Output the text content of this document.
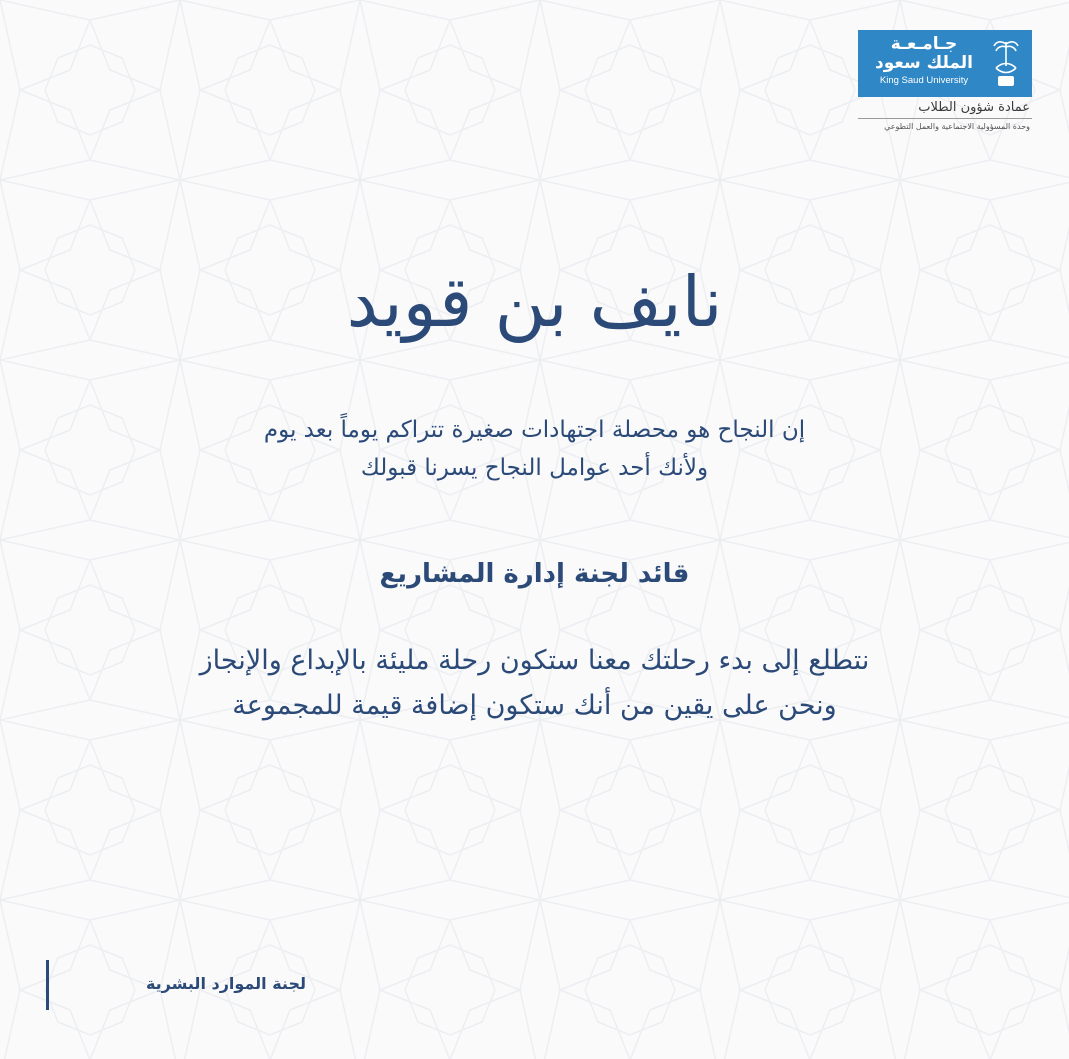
جـامـعـة
الملك سعود
King Saud University
عمادة شؤون الطلاب
وحدة المسؤولية الاجتماعية والعمل التطوعي
نايف بن قويد
إن النجاح هو محصلة اجتهادات صغيرة تتراكم يوماً بعد يوم
ولأنك أحد عوامل النجاح يسرنا قبولك
قائد لجنة إدارة المشاريع
نتطلع إلى بدء رحلتك معنا ستكون رحلة مليئة بالإبداع والإنجاز
ونحن على يقين من أنك ستكون إضافة قيمة للمجموعة
لجنة الموارد البشرية
